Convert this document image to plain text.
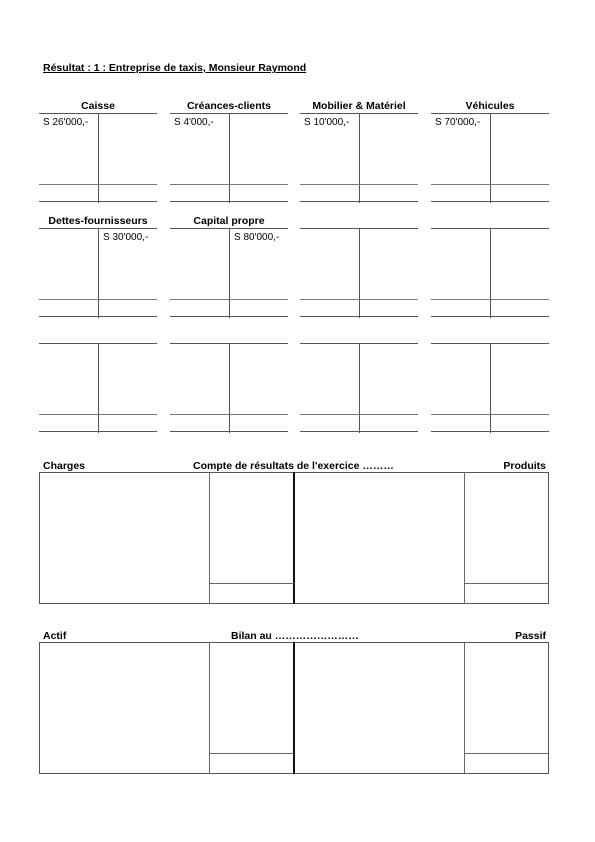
Résultat : 1 : Entreprise de taxis, Monsieur Raymond
Caisse
S 26'000,-
Créances-clients
S 4'000,-
Mobilier & Matériel
S 10'000,-
Véhicules
S 70'000,-
Dettes-fournisseurs
S 30'000,-
Capital propre
S 80'000,-
Charges	Compte de résultats de l'exercice ………	Produits
Actif	Bilan au ……………………	Passif
